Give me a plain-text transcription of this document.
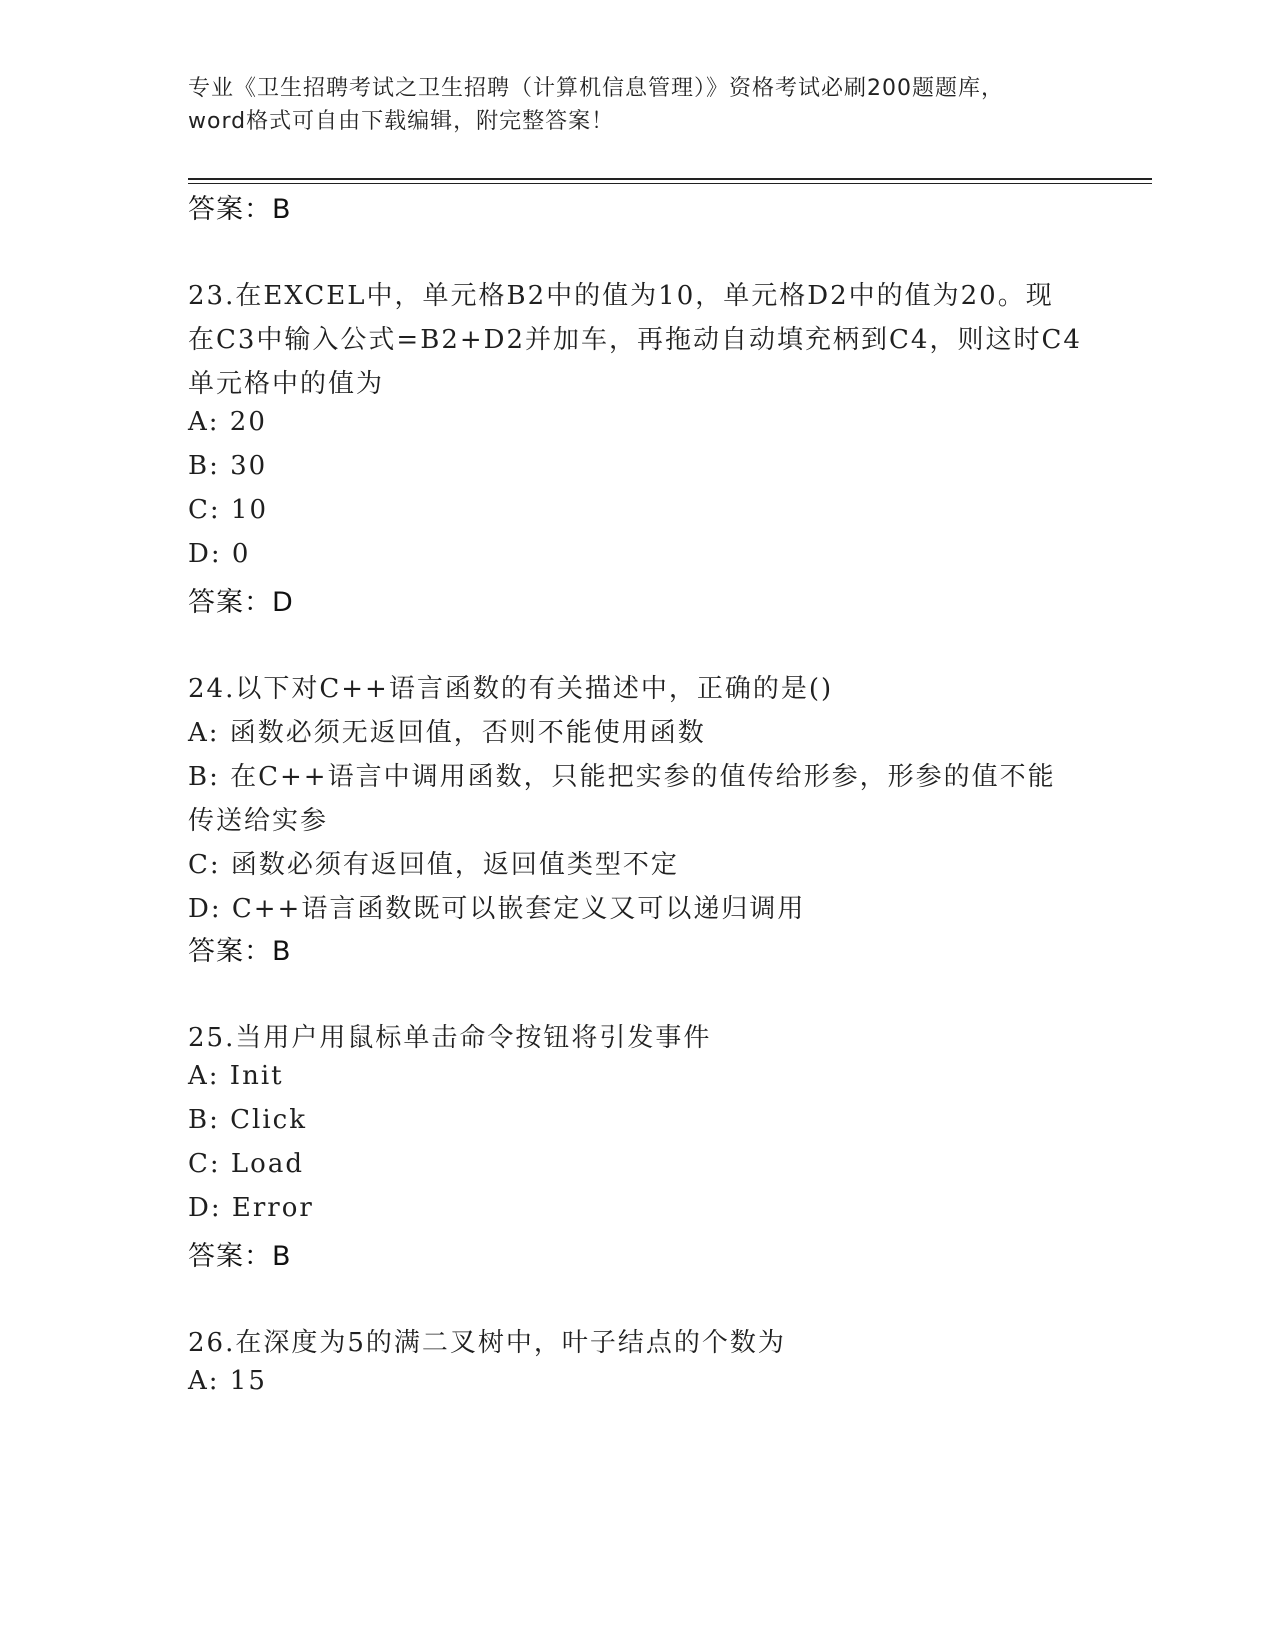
专业《卫生招聘考试之卫生招聘（计算机信息管理）》资格考试必刷200题题库，
word格式可自由下载编辑，附完整答案！
答案：B
23.在EXCEL中，单元格B2中的值为10，单元格D2中的值为20。现
在C3中输入公式=B2+D2并加车，再拖动自动填充柄到C4，则这时C4
单元格中的值为
A: 20
B: 30
C: 10
D: 0
答案：D
24.以下对C++语言函数的有关描述中，正确的是()
A: 函数必须无返回值，否则不能使用函数
B: 在C++语言中调用函数，只能把实参的值传给形参，形参的值不能
传送给实参
C: 函数必须有返回值，返回值类型不定
D: C++语言函数既可以嵌套定义又可以递归调用
答案：B
25.当用户用鼠标单击命令按钮将引发事件
A: Init
B: Click
C: Load
D: Error
答案：B
26.在深度为5的满二叉树中，叶子结点的个数为
A: 15
